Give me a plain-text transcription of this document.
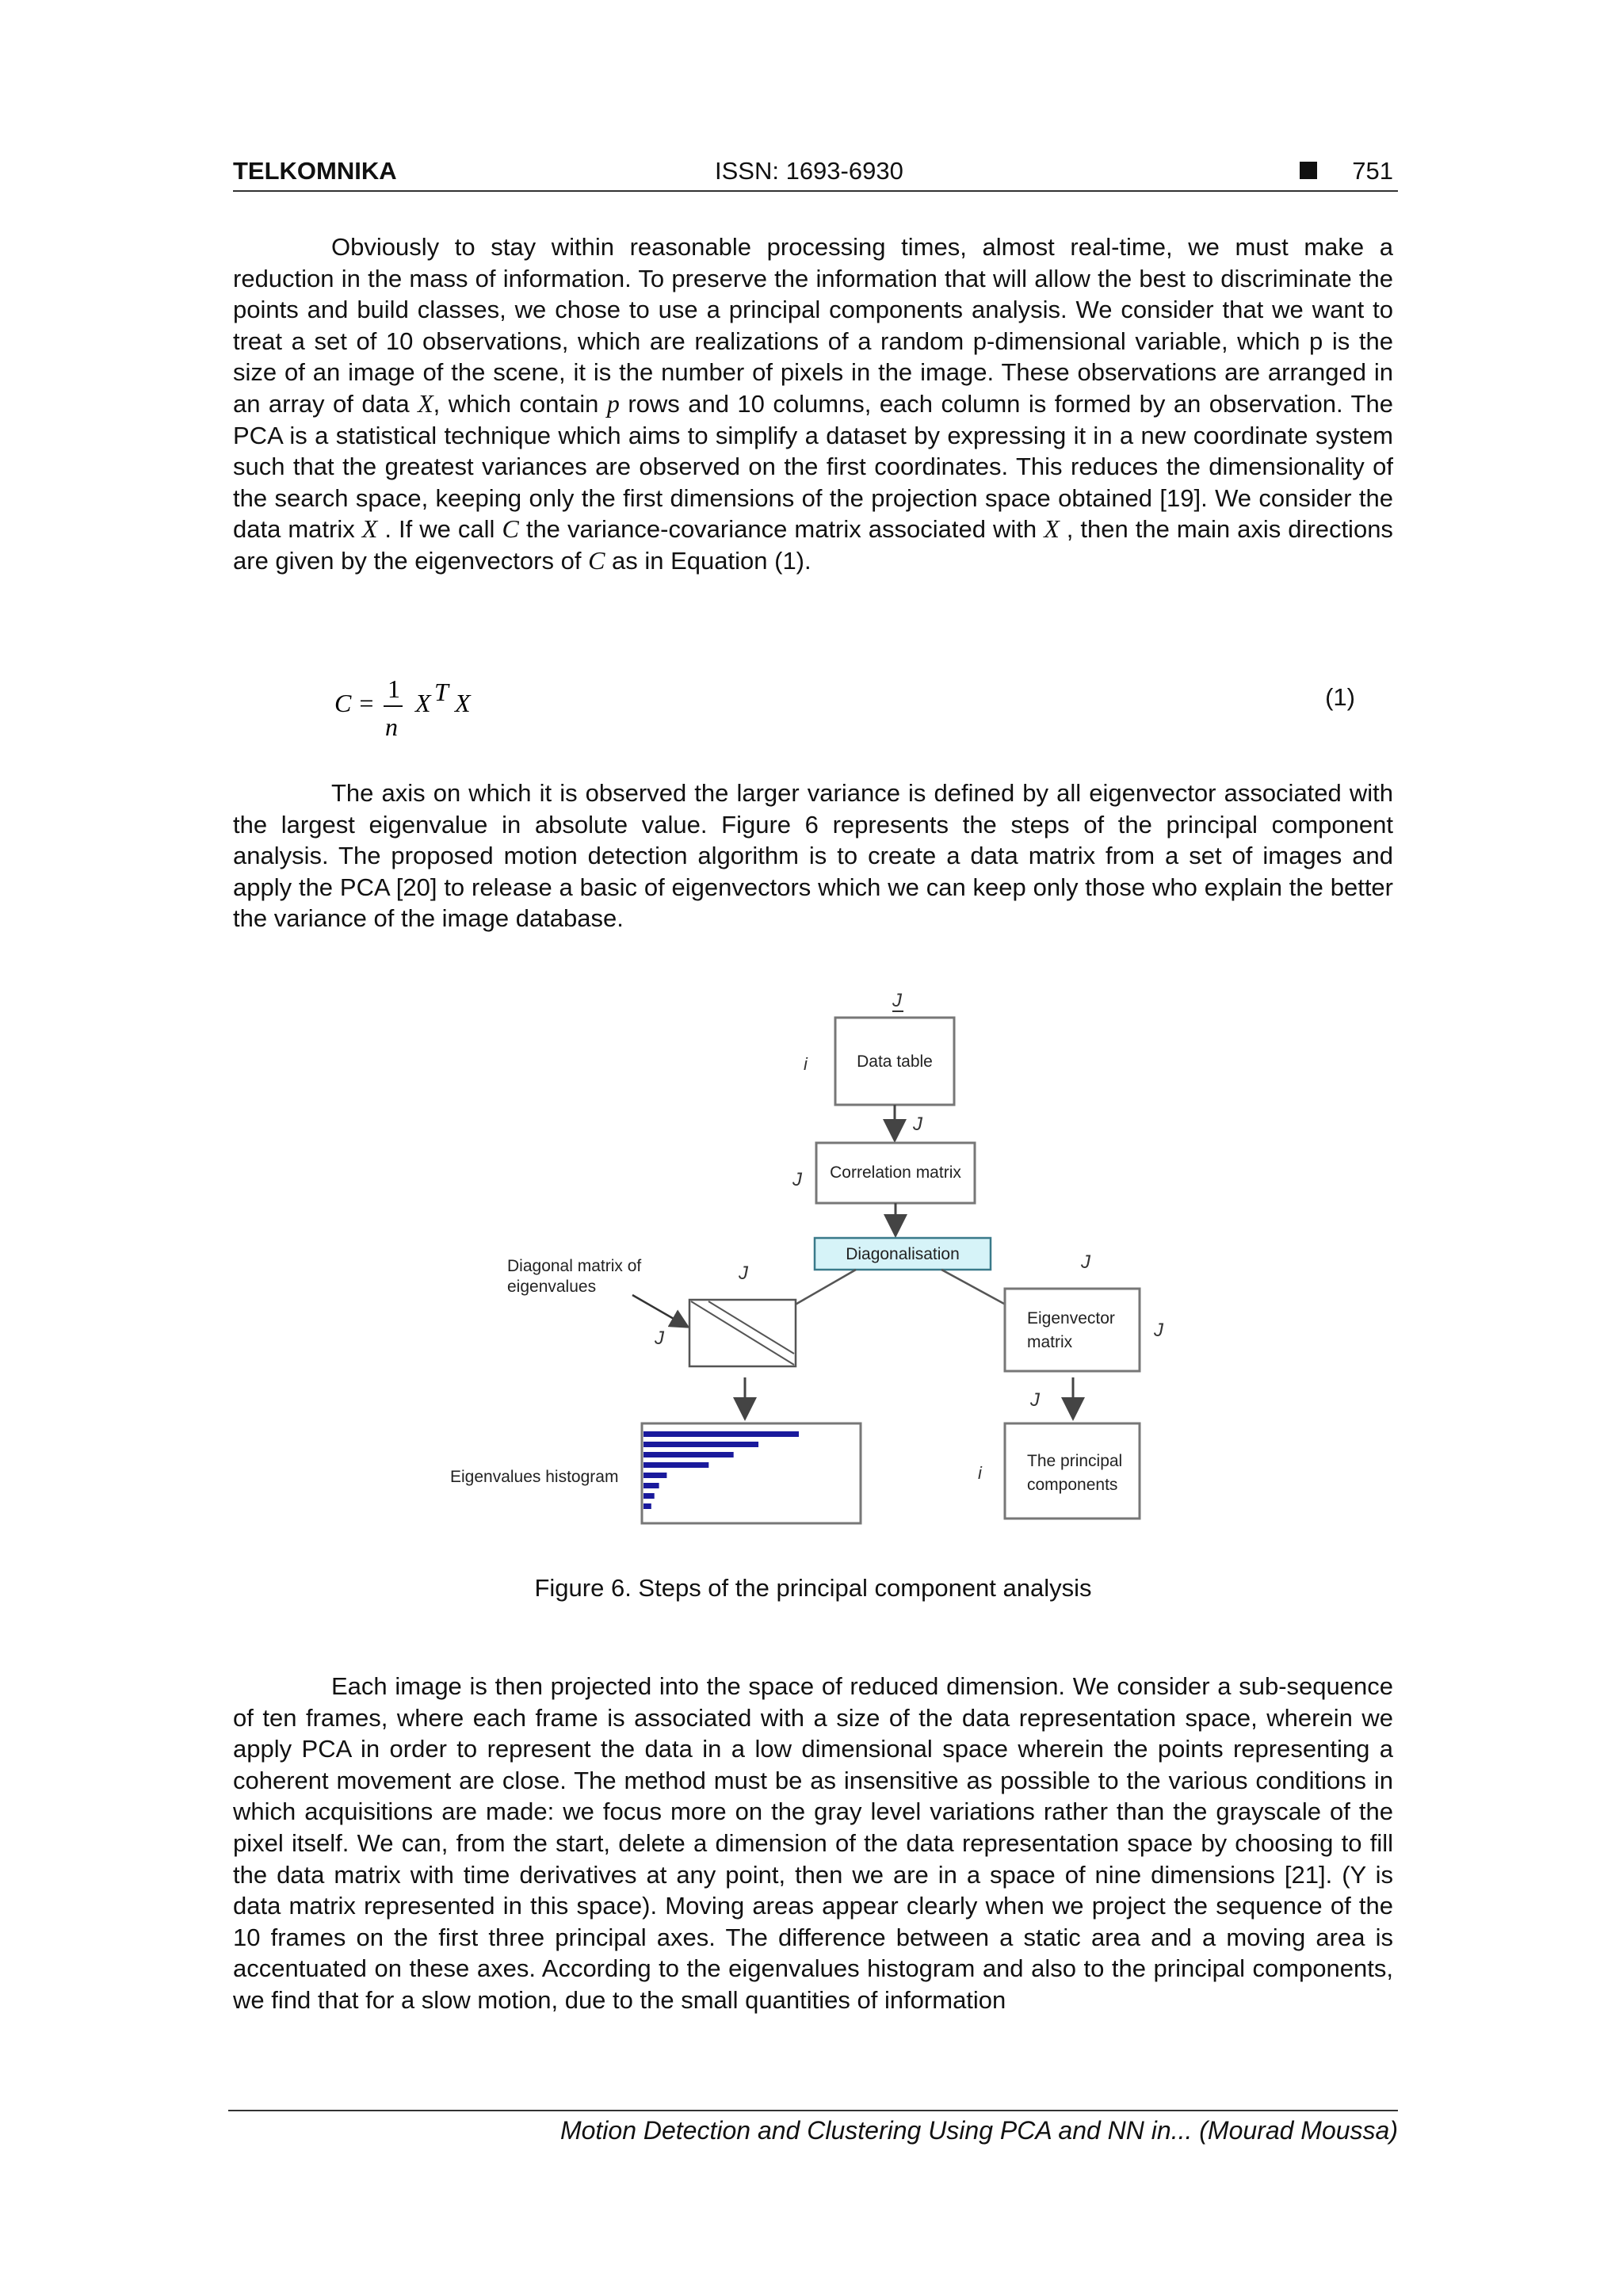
TELKOMNIKA	ISSN: 1693-6930	751

Obviously to stay within reasonable processing times, almost real-time, we must make a reduction in the mass of information. To preserve the information that will allow the best to discriminate the points and build classes, we chose to use a principal components analysis. We consider that we want to treat a set of 10 observations, which are realizations of a random p-dimensional variable, which p is the size of an image of the scene, it is the number of pixels in the image. These observations are arranged in an array of data X, which contain p rows and 10 columns, each column is formed by an observation. The PCA is a statistical technique which aims to simplify a dataset by expressing it in a new coordinate system such that the greatest variances are observed on the first coordinates. This reduces the dimensionality of the search space, keeping only the first dimensions of the projection space obtained [19]. We consider the data matrix X . If we call C the variance-covariance matrix associated with X , then the main axis directions are given by the eigenvectors of C as in Equation (1).

C = 1
n
X T X	(1)

The axis on which it is observed the larger variance is defined by all eigenvector associated with the largest eigenvalue in absolute value. Figure 6 represents the steps of the principal component analysis. The proposed motion detection algorithm is to create a data matrix from a set of images and apply the PCA [20] to release a basic of eigenvectors which we can keep only those who explain the better the variance of the image database.

J
i	Data table
J
J Correlation matrix
Diagonalisation
Diagonal matrix of
eigenvalues
J
J
J
Eigenvector
matrix
J
J
Eigenvalues histogram	i
The principal
components
Figure 6. Steps of the principal component analysis

Each image is then projected into the space of reduced dimension. We consider a sub-sequence of ten frames, where each frame is associated with a size of the data representation space, wherein we apply PCA in order to represent the data in a low dimensional space wherein the points representing a coherent movement are close. The method must be as insensitive as possible to the various conditions in which acquisitions are made: we focus more on the gray level variations rather than the grayscale of the pixel itself. We can, from the start, delete a dimension of the data representation space by choosing to fill the data matrix with time derivatives at any point, then we are in a space of nine dimensions [21]. (Y is data matrix represented in this space). Moving areas appear clearly when we project the sequence of the 10 frames on the first three principal axes. The difference between a static area and a moving area is accentuated on these axes. According to the eigenvalues histogram and also to the principal components, we find that for a slow motion, due to the small quantities of information

Motion Detection and Clustering Using PCA and NN in... (Mourad Moussa)
